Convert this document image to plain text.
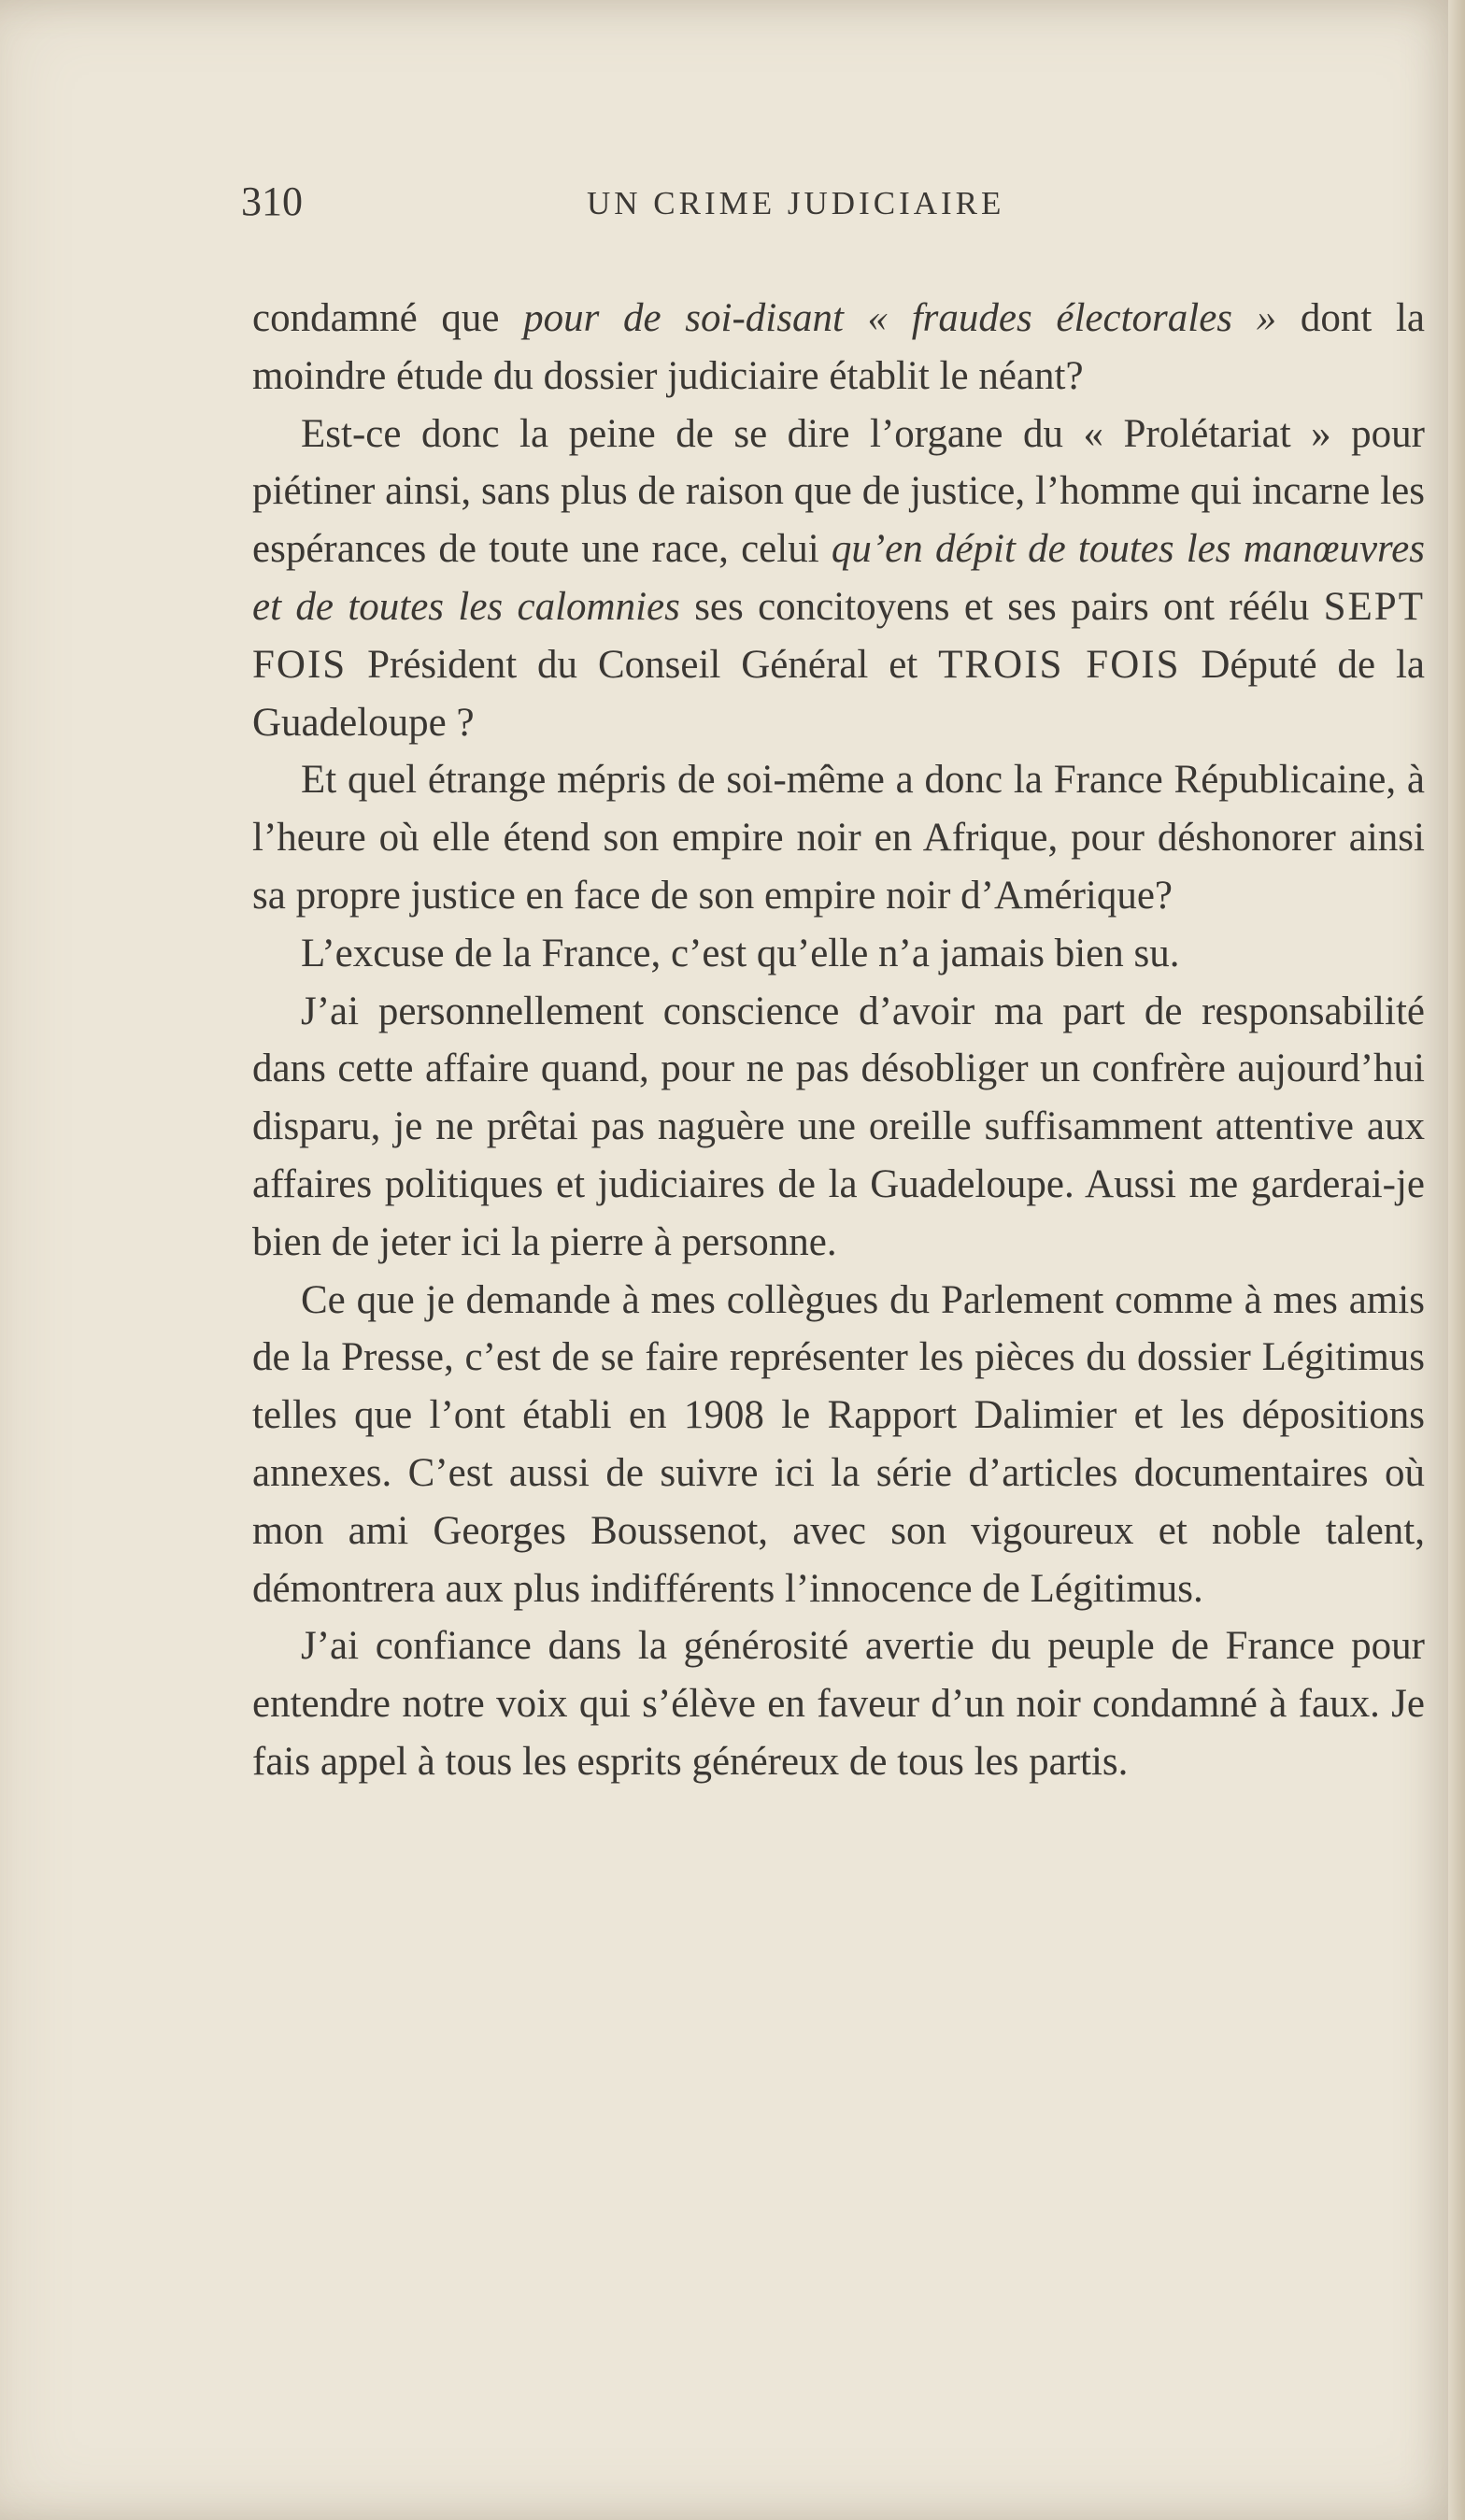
310	UN CRIME JUDICIAIRE

condamné que pour de soi-disant « fraudes électorales » dont la moindre étude du dossier judiciaire établit le néant?

Est-ce donc la peine de se dire l’organe du « Prolétariat » pour piétiner ainsi, sans plus de raison que de justice, l’homme qui incarne les espérances de toute une race, celui qu’en dépit de toutes les manœuvres et de toutes les calomnies ses concitoyens et ses pairs ont réélu SEPT FOIS Président du Conseil Général et TROIS FOIS Député de la Guadeloupe ?

Et quel étrange mépris de soi-même a donc la France Républicaine, à l’heure où elle étend son empire noir en Afrique, pour déshonorer ainsi sa propre justice en face de son empire noir d’Amérique?

L’excuse de la France, c’est qu’elle n’a jamais bien su.

J’ai personnellement conscience d’avoir ma part de responsabilité dans cette affaire quand, pour ne pas désobliger un confrère aujourd’hui disparu, je ne prêtai pas naguère une oreille suffisamment attentive aux affaires politiques et judiciaires de la Guadeloupe. Aussi me garderai-je bien de jeter ici la pierre à personne.

Ce que je demande à mes collègues du Parlement comme à mes amis de la Presse, c’est de se faire représenter les pièces du dossier Légitimus telles que l’ont établi en 1908 le Rapport Dalimier et les dépositions annexes. C’est aussi de suivre ici la série d’articles documentaires où mon ami Georges Boussenot, avec son vigoureux et noble talent, démontrera aux plus indifférents l’innocence de Légitimus.

J’ai confiance dans la générosité avertie du peuple de France pour entendre notre voix qui s’élève en faveur d’un noir condamné à faux. Je fais appel à tous les esprits généreux de tous les partis.
